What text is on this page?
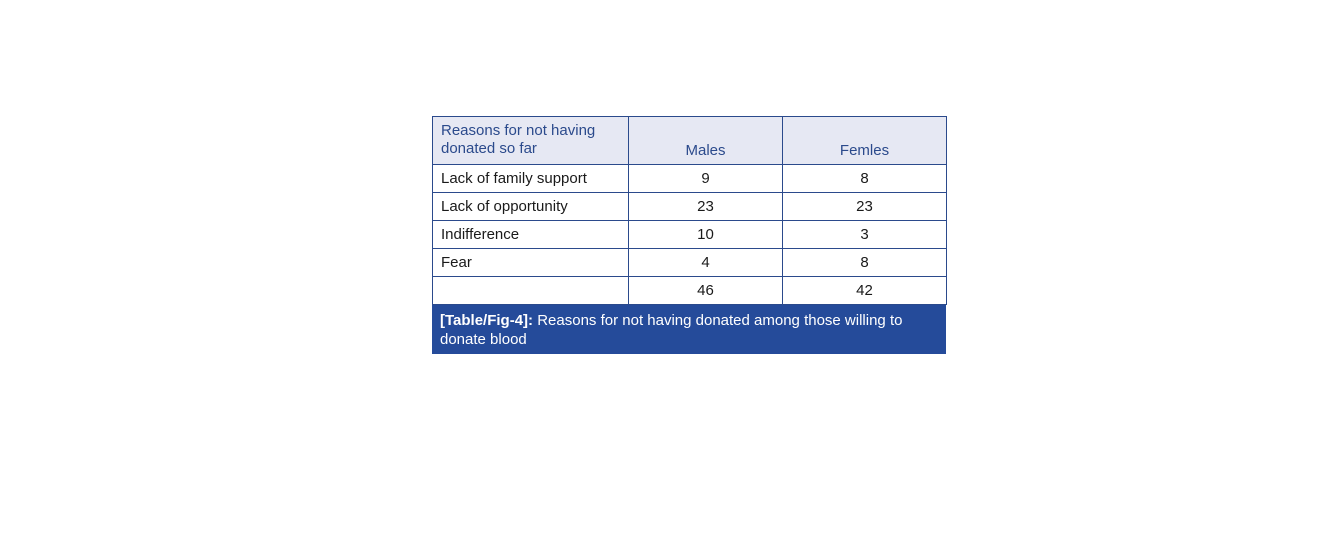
Reasons for not having donated so far	Males	Femles
Lack of family support	9	8
Lack of opportunity	23	23
Indifference	10	3
Fear	4	8
	46	42
[Table/Fig-4]: Reasons for not having donated among those willing to donate blood
